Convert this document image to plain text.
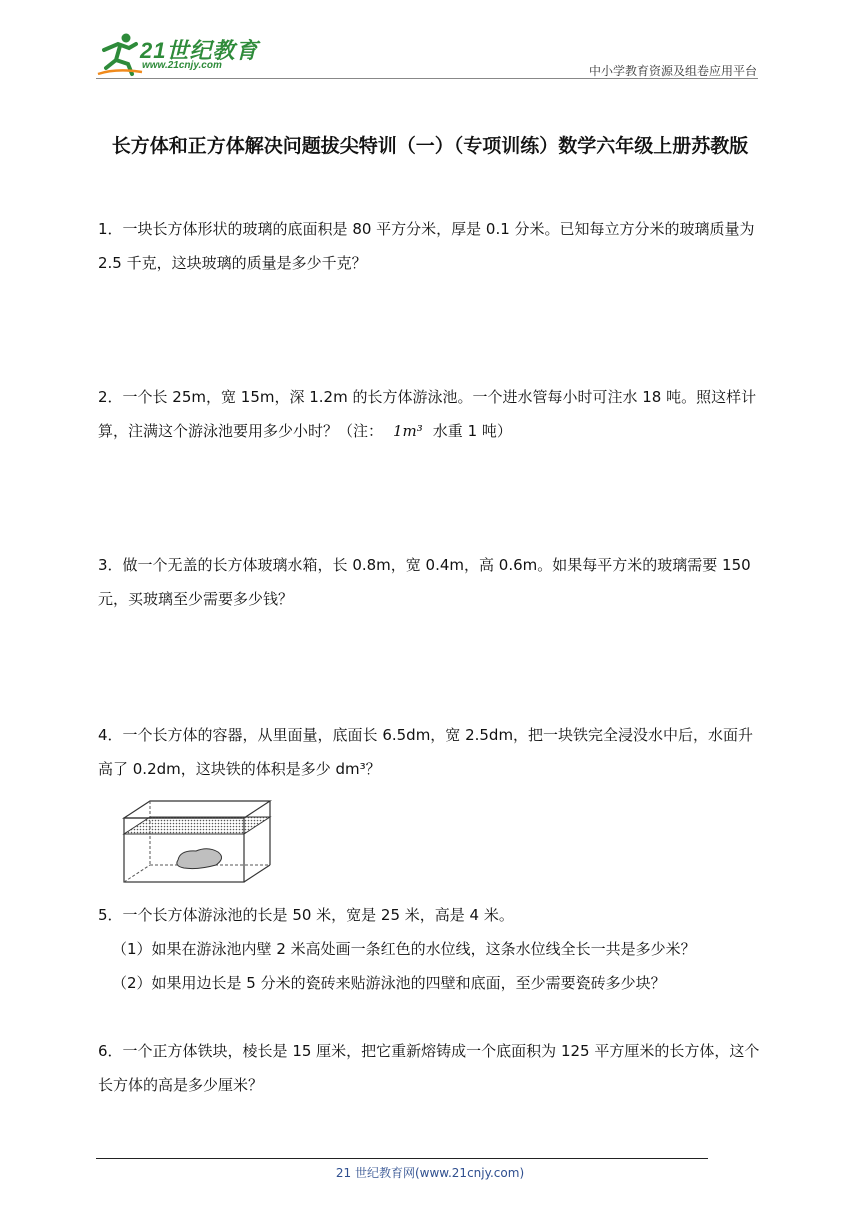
21世纪教育
www.21cnjy.com	中小学教育资源及组卷应用平台
长方体和正方体解决问题拔尖特训（一）（专项训练）数学六年级上册苏教版
1．一块长方体形状的玻璃的底面积是 80 平方分米，厚是 0.1 分米。已知每立方分米的玻璃质量为 2.5 千克，这块玻璃的质量是多少千克？
2．一个长 25m，宽 15m，深 1.2m 的长方体游泳池。一个进水管每小时可注水 18 吨。照这样计算，注满这个游泳池要用多少小时？（注： 1m³ 水重 1 吨）
3．做一个无盖的长方体玻璃水箱，长 0.8m，宽 0.4m，高 0.6m。如果每平方米的玻璃需要 150 元，买玻璃至少需要多少钱？
4．一个长方体的容器，从里面量，底面长 6.5dm，宽 2.5dm，把一块铁完全浸没水中后，水面升高了 0.2dm，这块铁的体积是多少 dm³？
5．一个长方体游泳池的长是 50 米，宽是 25 米，高是 4 米。
（1）如果在游泳池内壁 2 米高处画一条红色的水位线，这条水位线全长一共是多少米？
（2）如果用边长是 5 分米的瓷砖来贴游泳池的四壁和底面，至少需要瓷砖多少块？
6．一个正方体铁块，棱长是 15 厘米，把它重新熔铸成一个底面积为 125 平方厘米的长方体，这个长方体的高是多少厘米？
21 世纪教育网(www.21cnjy.com)
